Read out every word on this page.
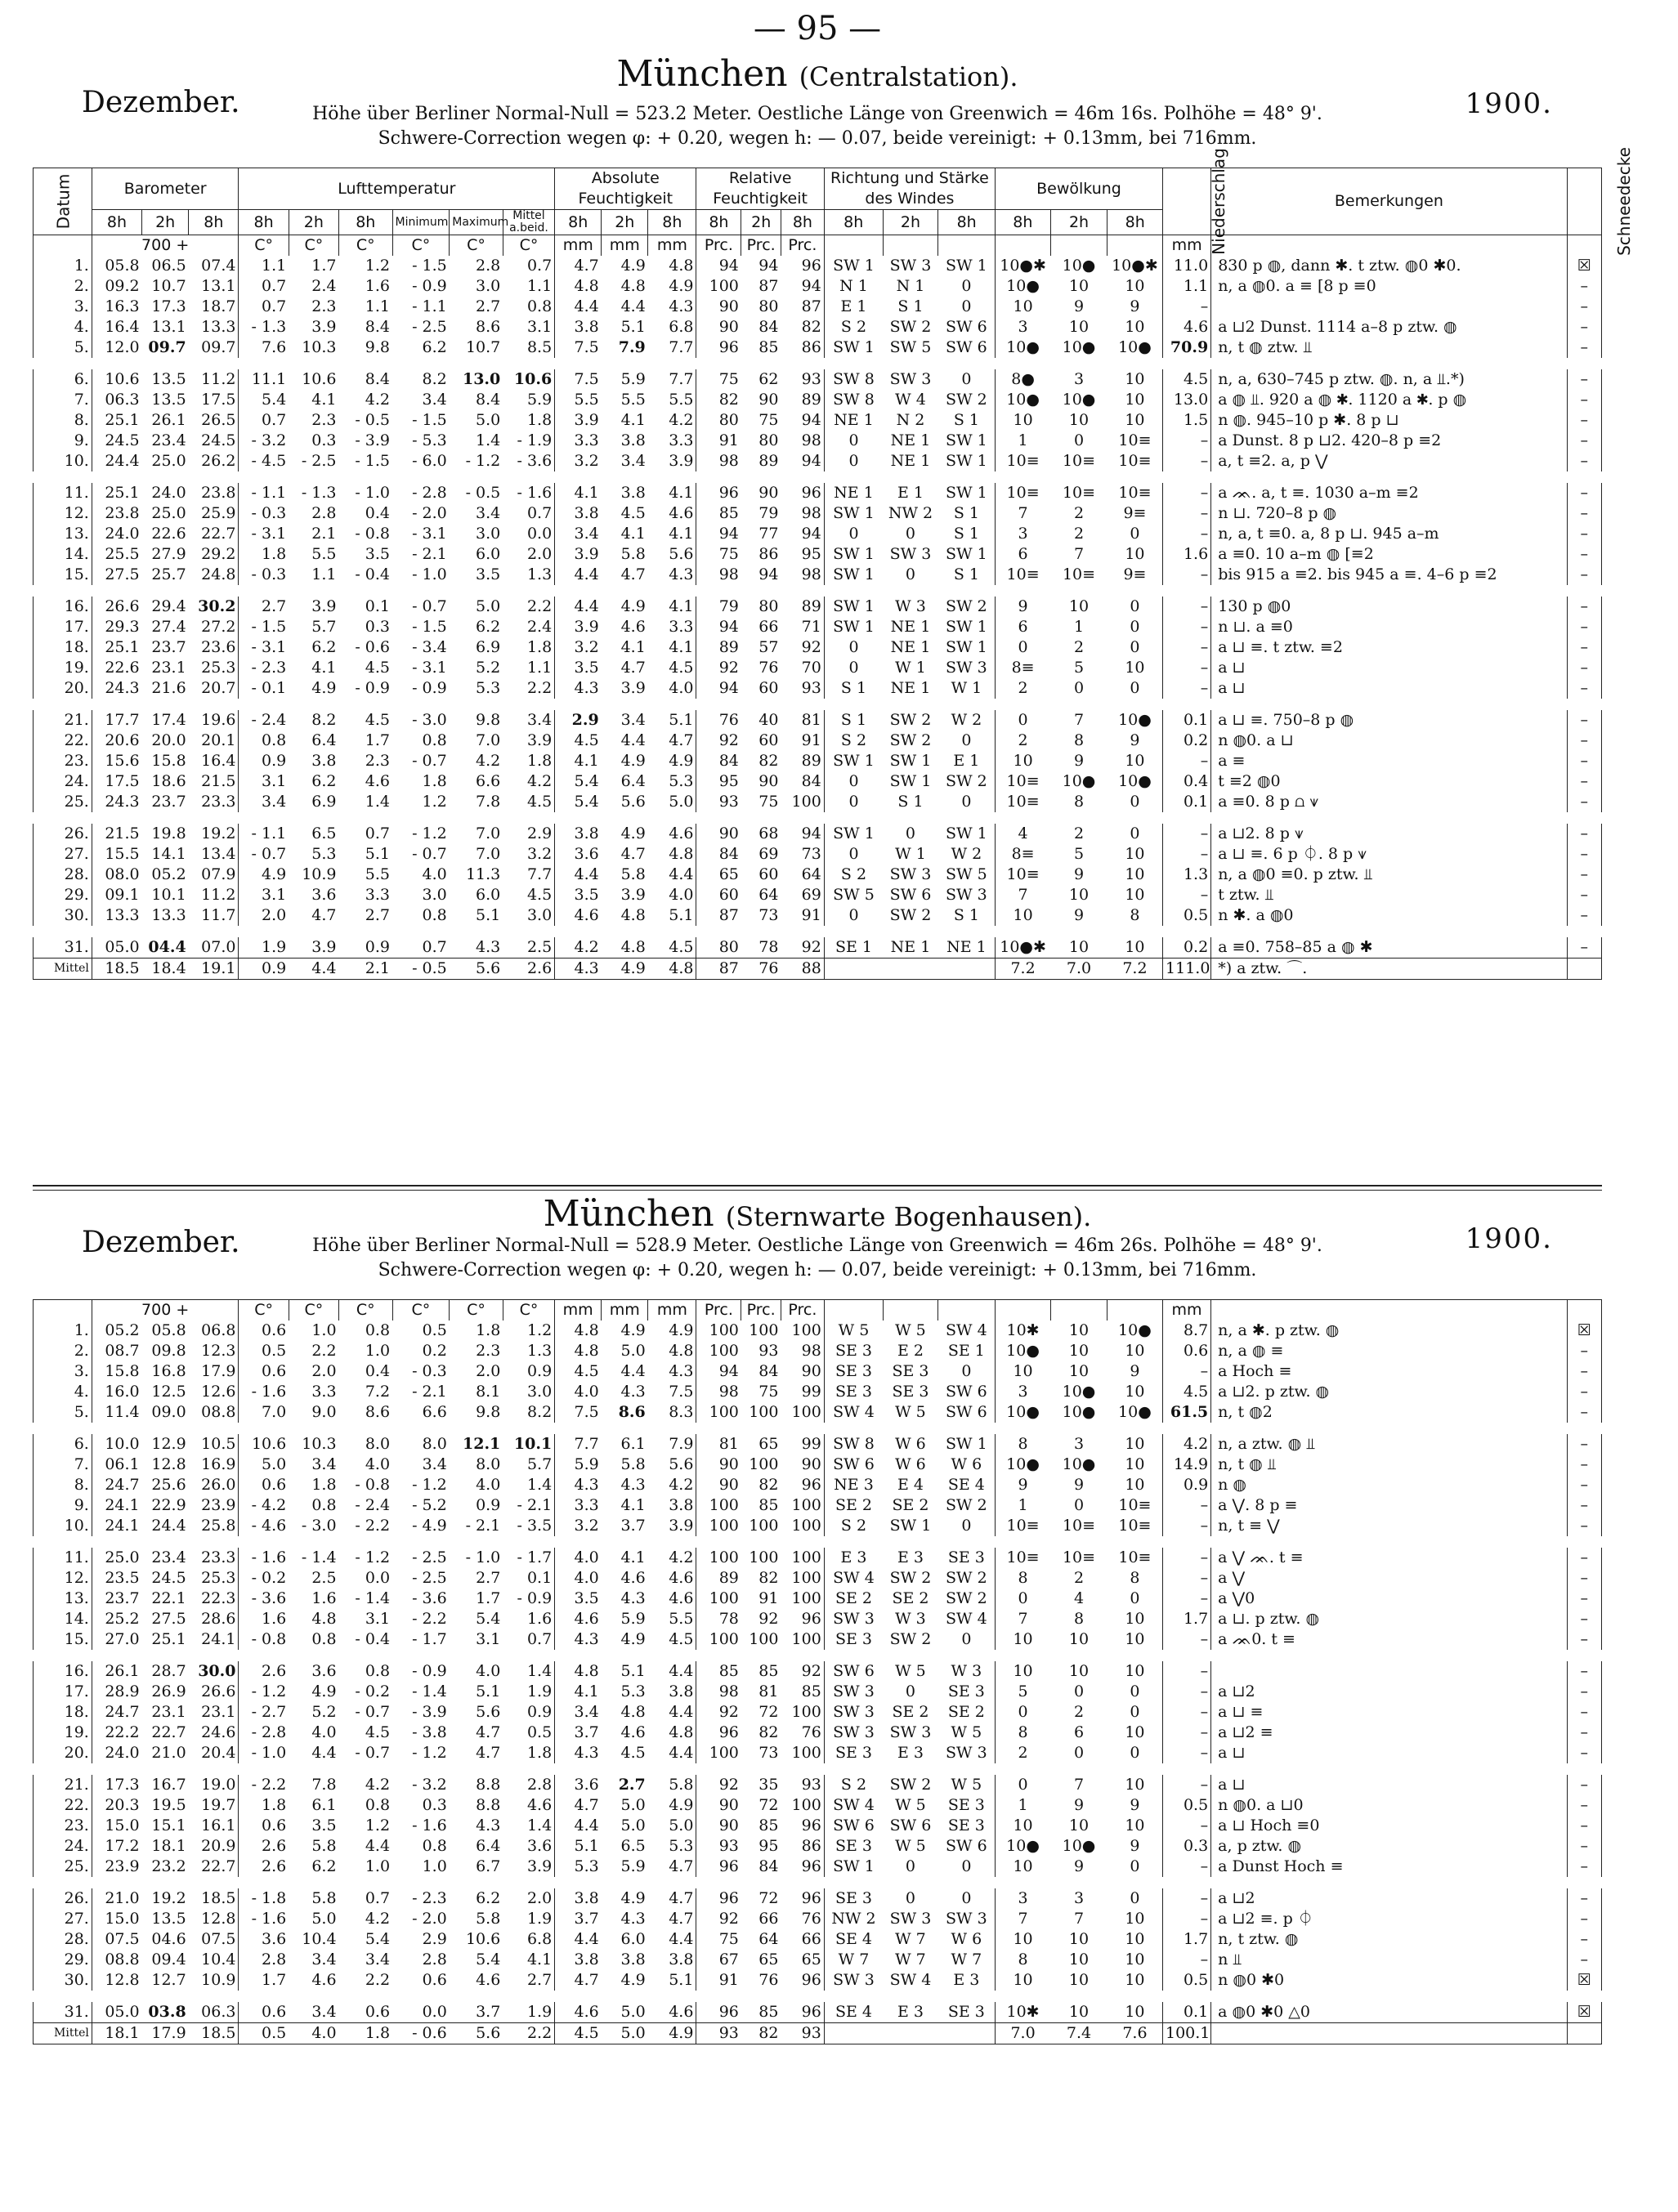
— 95 —
München (Centralstation).
Dezember.	1900.
Höhe über Berliner Normal-Null = 523.2 Meter. Oestliche Länge von Greenwich = 46m 16s. Polhöhe = 48° 9'.
Schwere-Correction wegen φ: + 0.20, wegen h: — 0.07, beide vereinigt: + 0.13mm, bei 716mm.
Datum	Barometer			Lufttemperatur						Absolute Feuchtigkeit			Relative Feuchtigkeit			Richtung und Stärke des Windes			Bewölkung			Niederschlag	Bemerkungen	Schneedecke
	8h	2h	8h	8h	2h	8h	Minimum	Maximum	Mittel a.beid.	8h	2h	8h	8h	2h	8h	8h	2h	8h	8h	2h	8h			
	700 +			C°	C°	C°	C°	C°	C°	mm	mm	mm	Prc.	Prc.	Prc.							mm		
1.	05.8	06.5	07.4	1.1	1.7	1.2	- 1.5	2.8	0.7	4.7	4.9	4.8	94	94	96	SW 1	SW 3	SW 1	10●✱	10●	10●✱	11.0	830 p ◍, dann ✱. t ztw. ◍0 ✱0.	☒
2.	09.2	10.7	13.1	0.7	2.4	1.6	- 0.9	3.0	1.1	4.8	4.8	4.9	100	87	94	N 1	N 1	0	10●	10	10	1.1	n, a ◍0. a ≡ [8 p ≡0	–
3.	16.3	17.3	18.7	0.7	2.3	1.1	- 1.1	2.7	0.8	4.4	4.4	4.3	90	80	87	E 1	S 1	0	10	9	9	–		–
4.	16.4	13.1	13.3	- 1.3	3.9	8.4	- 2.5	8.6	3.1	3.8	5.1	6.8	90	84	82	S 2	SW 2	SW 6	3	10	10	4.6	a ⊔2 Dunst. 1114 a–8 p ztw. ◍	–
5.	12.0	09.7	09.7	7.6	10.3	9.8	6.2	10.7	8.5	7.5	7.9	7.7	96	85	86	SW 1	SW 5	SW 6	10●	10●	10●	70.9	n, t ◍ ztw. ⫫	–
6.	10.6	13.5	11.2	11.1	10.6	8.4	8.2	13.0	10.6	7.5	5.9	7.7	75	62	93	SW 8	SW 3	0	8●	3	10	4.5	n, a, 630–745 p ztw. ◍. n, a ⫫.*)	–
7.	06.3	13.5	17.5	5.4	4.1	4.2	3.4	8.4	5.9	5.5	5.5	5.5	82	90	89	SW 8	W 4	SW 2	10●	10●	10	13.0	a ◍ ⫫. 920 a ◍ ✱. 1120 a ✱. p ◍	–
8.	25.1	26.1	26.5	0.7	2.3	- 0.5	- 1.5	5.0	1.8	3.9	4.1	4.2	80	75	94	NE 1	N 2	S 1	10	10	10	1.5	n ◍. 945–10 p ✱. 8 p ⊔	–
9.	24.5	23.4	24.5	- 3.2	0.3	- 3.9	- 5.3	1.4	- 1.9	3.3	3.8	3.3	91	80	98	0	NE 1	SW 1	1	0	10≡	–	a Dunst. 8 p ⊔2. 420–8 p ≡2	–
10.	24.4	25.0	26.2	- 4.5	- 2.5	- 1.5	- 6.0	- 1.2	- 3.6	3.2	3.4	3.9	98	89	94	0	NE 1	SW 1	10≡	10≡	10≡	–	a, t ≡2. a, p ⋁	–
11.	25.1	24.0	23.8	- 1.1	- 1.3	- 1.0	- 2.8	- 0.5	- 1.6	4.1	3.8	4.1	96	90	96	NE 1	E 1	SW 1	10≡	10≡	10≡	–	a ᨏ. a, t ≡. 1030 a–m ≡2	–
12.	23.8	25.0	25.9	- 0.3	2.8	0.4	- 2.0	3.4	0.7	3.8	4.5	4.6	85	79	98	SW 1	NW 2	S 1	7	2	9≡	–	n ⊔. 720–8 p ◍	–
13.	24.0	22.6	22.7	- 3.1	2.1	- 0.8	- 3.1	3.0	0.0	3.4	4.1	4.1	94	77	94	0	0	S 1	3	2	0	–	n, a, t ≡0. a, 8 p ⊔. 945 a–m	–
14.	25.5	27.9	29.2	1.8	5.5	3.5	- 2.1	6.0	2.0	3.9	5.8	5.6	75	86	95	SW 1	SW 3	SW 1	6	7	10	1.6	a ≡0. 10 a–m ◍ [≡2	–
15.	27.5	25.7	24.8	- 0.3	1.1	- 0.4	- 1.0	3.5	1.3	4.4	4.7	4.3	98	94	98	SW 1	0	S 1	10≡	10≡	9≡	–	bis 915 a ≡2. bis 945 a ≡. 4–6 p ≡2	–
16.	26.6	29.4	30.2	2.7	3.9	0.1	- 0.7	5.0	2.2	4.4	4.9	4.1	79	80	89	SW 1	W 3	SW 2	9	10	0	–	130 p ◍0	–
17.	29.3	27.4	27.2	- 1.5	5.7	0.3	- 1.5	6.2	2.4	3.9	4.6	3.3	94	66	71	SW 1	NE 1	SW 1	6	1	0	–	n ⊔. a ≡0	–
18.	25.1	23.7	23.6	- 3.1	6.2	- 0.6	- 3.4	6.9	1.8	3.2	4.1	4.1	89	57	92	0	NE 1	SW 1	0	2	0	–	a ⊔ ≡. t ztw. ≡2	–
19.	22.6	23.1	25.3	- 2.3	4.1	4.5	- 3.1	5.2	1.1	3.5	4.7	4.5	92	76	70	0	W 1	SW 3	8≡	5	10	–	a ⊔	–
20.	24.3	21.6	20.7	- 0.1	4.9	- 0.9	- 0.9	5.3	2.2	4.3	3.9	4.0	94	60	93	S 1	NE 1	W 1	2	0	0	–	a ⊔	–
21.	17.7	17.4	19.6	- 2.4	8.2	4.5	- 3.0	9.8	3.4	2.9	3.4	5.1	76	40	81	S 1	SW 2	W 2	0	7	10●	0.1	a ⊔ ≡. 750–8 p ◍	–
22.	20.6	20.0	20.1	0.8	6.4	1.7	0.8	7.0	3.9	4.5	4.4	4.7	92	60	91	S 2	SW 2	0	2	8	9	0.2	n ◍0. a ⊔	–
23.	15.6	15.8	16.4	0.9	3.8	2.3	- 0.7	4.2	1.8	4.1	4.9	4.9	84	82	89	SW 1	SW 1	E 1	10	9	10	–	a ≡	–
24.	17.5	18.6	21.5	3.1	6.2	4.6	1.8	6.6	4.2	5.4	6.4	5.3	95	90	84	0	SW 1	SW 2	10≡	10●	10●	0.4	t ≡2 ◍0	–
25.	24.3	23.7	23.3	3.4	6.9	1.4	1.2	7.8	4.5	5.4	5.6	5.0	93	75	100	0	S 1	0	10≡	8	0	0.1	a ≡0. 8 p ⩍ ⩛	–
26.	21.5	19.8	19.2	- 1.1	6.5	0.7	- 1.2	7.0	2.9	3.8	4.9	4.6	90	68	94	SW 1	0	SW 1	4	2	0	–	a ⊔2. 8 p ⩛	–
27.	15.5	14.1	13.4	- 0.7	5.3	5.1	- 0.7	7.0	3.2	3.6	4.7	4.8	84	69	73	0	W 1	W 2	8≡	5	10	–	a ⊔ ≡. 6 p ⏀. 8 p ⩛	–
28.	08.0	05.2	07.9	4.9	10.9	5.5	4.0	11.3	7.7	4.4	5.8	4.4	65	60	64	S 2	SW 3	SW 5	10≡	9	10	1.3	n, a ◍0 ≡0. p ztw. ⫫	–
29.	09.1	10.1	11.2	3.1	3.6	3.3	3.0	6.0	4.5	3.5	3.9	4.0	60	64	69	SW 5	SW 6	SW 3	7	10	10	–	t ztw. ⫫	–
30.	13.3	13.3	11.7	2.0	4.7	2.7	0.8	5.1	3.0	4.6	4.8	5.1	87	73	91	0	SW 2	S 1	10	9	8	0.5	n ✱. a ◍0	–
31.	05.0	04.4	07.0	1.9	3.9	0.9	0.7	4.3	2.5	4.2	4.8	4.5	80	78	92	SE 1	NE 1	NE 1	10●✱	10	10	0.2	a ≡0. 758–85 a ◍ ✱	–
Mittel	18.5	18.4	19.1	0.9	4.4	2.1	- 0.5	5.6	2.6	4.3	4.9	4.8	87	76	88				7.2	7.0	7.2	111.0	*) a ztw. ⌒.	
München (Sternwarte Bogenhausen).
Dezember.	1900.
Höhe über Berliner Normal-Null = 528.9 Meter. Oestliche Länge von Greenwich = 46m 26s. Polhöhe = 48° 9'.
Schwere-Correction wegen φ: + 0.20, wegen h: — 0.07, beide vereinigt: + 0.13mm, bei 716mm.
	700 +			C°	C°	C°	C°	C°	C°	mm	mm	mm	Prc.	Prc.	Prc.							mm		
1.	05.2	05.8	06.8	0.6	1.0	0.8	0.5	1.8	1.2	4.8	4.9	4.9	100	100	100	W 5	W 5	SW 4	10✱	10	10●	8.7	n, a ✱. p ztw. ◍	☒
2.	08.7	09.8	12.3	0.5	2.2	1.0	0.2	2.3	1.3	4.8	5.0	4.8	100	93	98	SE 3	E 2	SE 1	10●	10	10	0.6	n, a ◍ ≡	–
3.	15.8	16.8	17.9	0.6	2.0	0.4	- 0.3	2.0	0.9	4.5	4.4	4.3	94	84	90	SE 3	SE 3	0	10	10	9	–	a Hoch ≡	–
4.	16.0	12.5	12.6	- 1.6	3.3	7.2	- 2.1	8.1	3.0	4.0	4.3	7.5	98	75	99	SE 3	SE 3	SW 6	3	10●	10	4.5	a ⊔2. p ztw. ◍	–
5.	11.4	09.0	08.8	7.0	9.0	8.6	6.6	9.8	8.2	7.5	8.6	8.3	100	100	100	SW 4	W 5	SW 6	10●	10●	10●	61.5	n, t ◍2	–
6.	10.0	12.9	10.5	10.6	10.3	8.0	8.0	12.1	10.1	7.7	6.1	7.9	81	65	99	SW 8	W 6	SW 1	8	3	10	4.2	n, a ztw. ◍ ⫫	–
7.	06.1	12.8	16.9	5.0	3.4	4.0	3.4	8.0	5.7	5.9	5.8	5.6	90	100	90	SW 6	W 6	W 6	10●	10●	10	14.9	n, t ◍ ⫫	–
8.	24.7	25.6	26.0	0.6	1.8	- 0.8	- 1.2	4.0	1.4	4.3	4.3	4.2	90	82	96	NE 3	E 4	SE 4	9	9	10	0.9	n ◍	–
9.	24.1	22.9	23.9	- 4.2	0.8	- 2.4	- 5.2	0.9	- 2.1	3.3	4.1	3.8	100	85	100	SE 2	SE 2	SW 2	1	0	10≡	–	a ⋁. 8 p ≡	–
10.	24.1	24.4	25.8	- 4.6	- 3.0	- 2.2	- 4.9	- 2.1	- 3.5	3.2	3.7	3.9	100	100	100	S 2	SW 1	0	10≡	10≡	10≡	–	n, t ≡ ⋁	–
11.	25.0	23.4	23.3	- 1.6	- 1.4	- 1.2	- 2.5	- 1.0	- 1.7	4.0	4.1	4.2	100	100	100	E 3	E 3	SE 3	10≡	10≡	10≡	–	a ⋁ ᨏ. t ≡	–
12.	23.5	24.5	25.3	- 0.2	2.5	0.0	- 2.5	2.7	0.1	4.0	4.6	4.6	89	82	100	SW 4	SW 2	SW 2	8	2	8	–	a ⋁	–
13.	23.7	22.1	22.3	- 3.6	1.6	- 1.4	- 3.6	1.7	- 0.9	3.5	4.3	4.6	100	91	100	SE 2	SE 2	SW 2	0	4	0	–	a ⋁0	–
14.	25.2	27.5	28.6	1.6	4.8	3.1	- 2.2	5.4	1.6	4.6	5.9	5.5	78	92	96	SW 3	W 3	SW 4	7	8	10	1.7	a ⊔. p ztw. ◍	–
15.	27.0	25.1	24.1	- 0.8	0.8	- 0.4	- 1.7	3.1	0.7	4.3	4.9	4.5	100	100	100	SE 3	SW 2	0	10	10	10	–	a ᨏ0. t ≡	–
16.	26.1	28.7	30.0	2.6	3.6	0.8	- 0.9	4.0	1.4	4.8	5.1	4.4	85	85	92	SW 6	W 5	W 3	10	10	10	–		–
17.	28.9	26.9	26.6	- 1.2	4.9	- 0.2	- 1.4	5.1	1.9	4.1	5.3	3.8	98	81	85	SW 3	0	SE 3	5	0	0	–	a ⊔2	–
18.	24.7	23.1	23.1	- 2.7	5.2	- 0.7	- 3.9	5.6	0.9	3.4	4.8	4.4	92	72	100	SW 3	SE 2	SE 2	0	2	0	–	a ⊔ ≡	–
19.	22.2	22.7	24.6	- 2.8	4.0	4.5	- 3.8	4.7	0.5	3.7	4.6	4.8	96	82	76	SW 3	SW 3	W 5	8	6	10	–	a ⊔2 ≡	–
20.	24.0	21.0	20.4	- 1.0	4.4	- 0.7	- 1.2	4.7	1.8	4.3	4.5	4.4	100	73	100	SE 3	E 3	SW 3	2	0	0	–	a ⊔	–
21.	17.3	16.7	19.0	- 2.2	7.8	4.2	- 3.2	8.8	2.8	3.6	2.7	5.8	92	35	93	S 2	SW 2	W 5	0	7	10	–	a ⊔	–
22.	20.3	19.5	19.7	1.8	6.1	0.8	0.3	8.8	4.6	4.7	5.0	4.9	90	72	100	SW 4	W 5	SE 3	1	9	9	0.5	n ◍0. a ⊔0	–
23.	15.0	15.1	16.1	0.6	3.5	1.2	- 1.6	4.3	1.4	4.4	5.0	5.0	90	85	96	SW 6	SW 6	SE 3	10	10	10	–	a ⊔ Hoch ≡0	–
24.	17.2	18.1	20.9	2.6	5.8	4.4	0.8	6.4	3.6	5.1	6.5	5.3	93	95	86	SE 3	W 5	SW 6	10●	10●	9	0.3	a, p ztw. ◍	–
25.	23.9	23.2	22.7	2.6	6.2	1.0	1.0	6.7	3.9	5.3	5.9	4.7	96	84	96	SW 1	0	0	10	9	0	–	a Dunst Hoch ≡	–
26.	21.0	19.2	18.5	- 1.8	5.8	0.7	- 2.3	6.2	2.0	3.8	4.9	4.7	96	72	96	SE 3	0	0	3	3	0	–	a ⊔2	–
27.	15.0	13.5	12.8	- 1.6	5.0	4.2	- 2.0	5.8	1.9	3.7	4.3	4.7	92	66	76	NW 2	SW 3	SW 3	7	7	10	–	a ⊔2 ≡. p ⏀	–
28.	07.5	04.6	07.5	3.6	10.4	5.4	2.9	10.6	6.8	4.4	6.0	4.4	75	64	66	SE 4	W 7	W 6	10	10	10	1.7	n, t ztw. ◍	–
29.	08.8	09.4	10.4	2.8	3.4	3.4	2.8	5.4	4.1	3.8	3.8	3.8	67	65	65	W 7	W 7	W 7	8	10	10	–	n ⫫	–
30.	12.8	12.7	10.9	1.7	4.6	2.2	0.6	4.6	2.7	4.7	4.9	5.1	91	76	96	SW 3	SW 4	E 3	10	10	10	0.5	n ◍0 ✱0	☒
31.	05.0	03.8	06.3	0.6	3.4	0.6	0.0	3.7	1.9	4.6	5.0	4.6	96	85	96	SE 4	E 3	SE 3	10✱	10	10	0.1	a ◍0 ✱0 △0	☒
Mittel	18.1	17.9	18.5	0.5	4.0	1.8	- 0.6	5.6	2.2	4.5	5.0	4.9	93	82	93				7.0	7.4	7.6	100.1		
